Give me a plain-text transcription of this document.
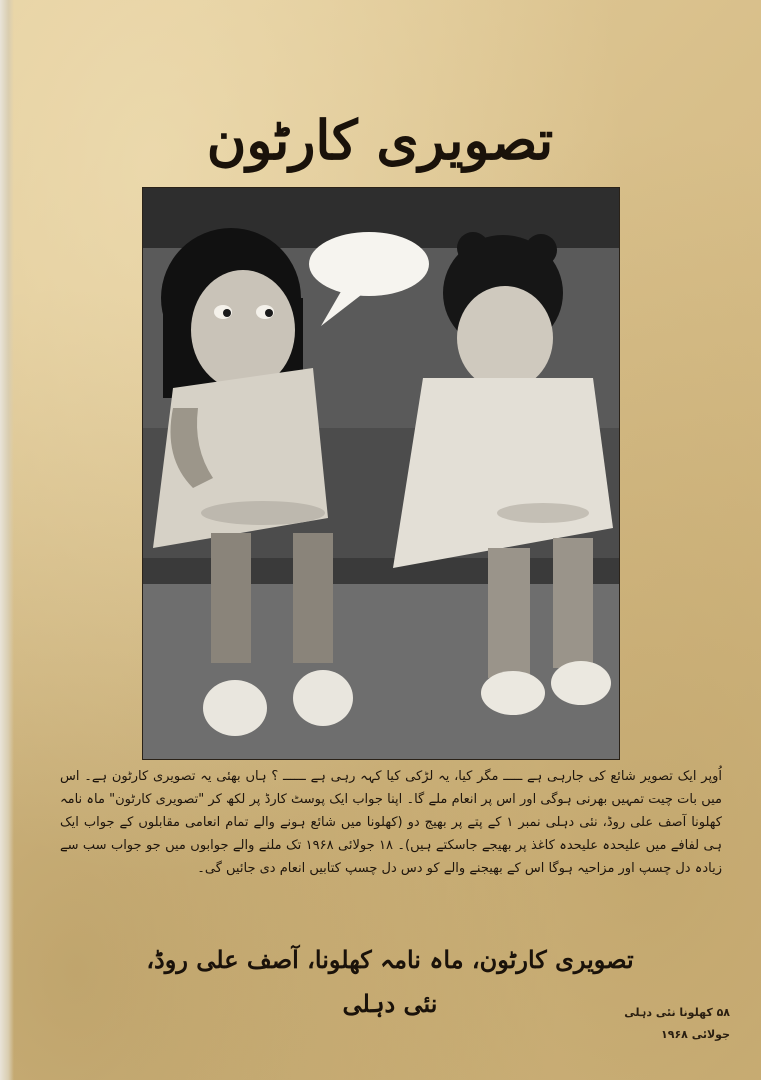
تصویری کارٹون

اُوپر ایک تصویر شائع کی جارہی ہے ـــــ مگر کیا، یہ لڑکی کیا کہہ رہی ہے ــــــ ؟ ہاں بھئی یہ تصویری کارٹون ہے۔ اس میں بات چیت تمہیں بھرنی ہوگی اور اس پر انعام ملے گا۔ اپنا جواب ایک پوسٹ کارڈ پر لکھ کر "تصویری کارٹون" ماہ نامہ کھلونا آصف علی روڈ، نئی دہلی نمبر ۱ کے پتے پر بھیج دو (کھلونا میں شائع ہونے والے تمام انعامی مقابلوں کے جواب ایک ہی لفافے میں علیحدہ علیحدہ کاغذ پر بھیجے جاسکتے ہیں)۔ ۱۸ جولائی ۱۹۶۸ تک ملنے والے جوابوں میں جو جواب سب سے زیادہ دل چسپ اور مزاحیہ ہوگا اس کے بھیجنے والے کو دس دل چسپ کتابیں انعام دی جائیں گی۔

تصویری کارٹون، ماہ نامہ کھلونا، آصف علی روڈ، نئی دہلی	۵۸ کھلونا نئی دہلی جولائی ۱۹۶۸
